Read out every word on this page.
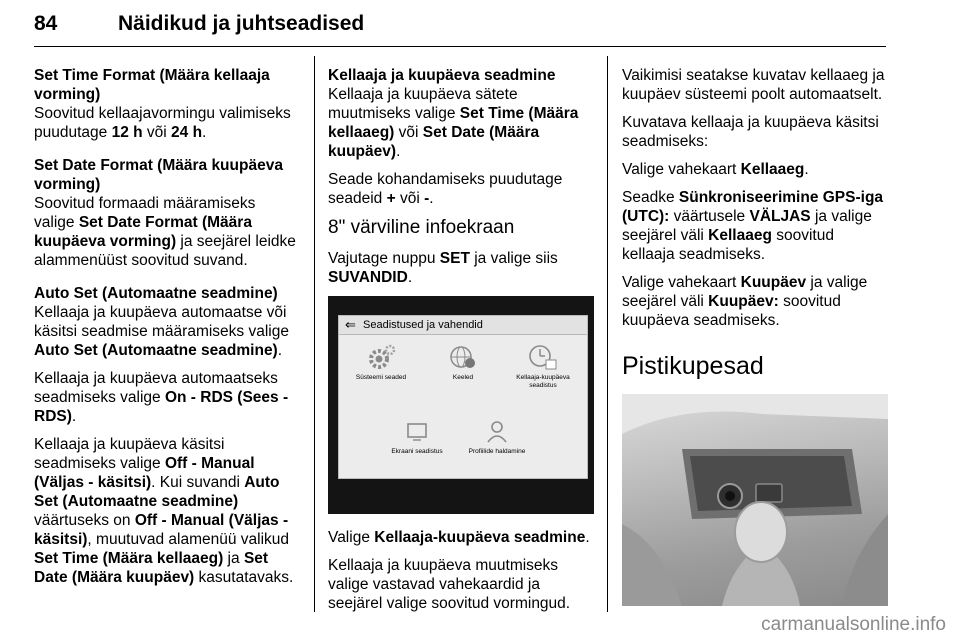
84	Näidikud ja juhtseadised

Set Time Format (Määra kellaaja vorming)

Soovitud kellaajavormingu valimiseks puudutage 12 h või 24 h.

Set Date Format (Määra kuupäeva vorming)

Soovitud formaadi määramiseks valige Set Date Format (Määra kuupäeva vorming) ja seejärel leidke alammenüüst soovitud suvand.

Auto Set (Automaatne seadmine)

Kellaaja ja kuupäeva automaatse või käsitsi seadmise määramiseks valige Auto Set (Automaatne seadmine).

Kellaaja ja kuupäeva automaatseks seadmiseks valige On - RDS (Sees - RDS).

Kellaaja ja kuupäeva käsitsi seadmiseks valige Off - Manual (Väljas - käsitsi). Kui suvandi Auto Set (Automaatne seadmine) väärtuseks on Off - Manual (Väljas - käsitsi), muutuvad alamenüü valikud Set Time (Määra kellaaeg) ja Set Date (Määra kuupäev) kasutatavaks.

Kellaaja ja kuupäeva seadmine

Kellaaja ja kuupäeva sätete muutmiseks valige Set Time (Määra kellaaeg) või Set Date (Määra kuupäev).

Seade kohandamiseks puudutage seadeid + või -.

8" värviline infoekraan

Vajutage nuppu SET ja valige siis SUVANDID.

⇐ Seadistused ja vahendid
Süsteemi seaded	Keeled	Kellaaja-kuupäeva seadistus
Ekraani seadistus	Profiilide haldamine

Valige Kellaaja-kuupäeva seadmine.

Kellaaja ja kuupäeva muutmiseks valige vastavad vahekaardid ja seejärel valige soovitud vormingud.

Vaikimisi seatakse kuvatav kellaaeg ja kuupäev süsteemi poolt automaatselt.

Kuvatava kellaaja ja kuupäeva käsitsi seadmiseks:

Valige vahekaart Kellaaeg.

Seadke Sünkroniseerimine GPS-iga (UTC): väärtusele VÄLJAS ja valige seejärel väli Kellaaeg soovitud kellaaja seadmiseks.

Valige vahekaart Kuupäev ja valige seejärel väli Kuupäev: soovitud kuupäeva seadmiseks.

Pistikupesad
carmanualsonline.info
